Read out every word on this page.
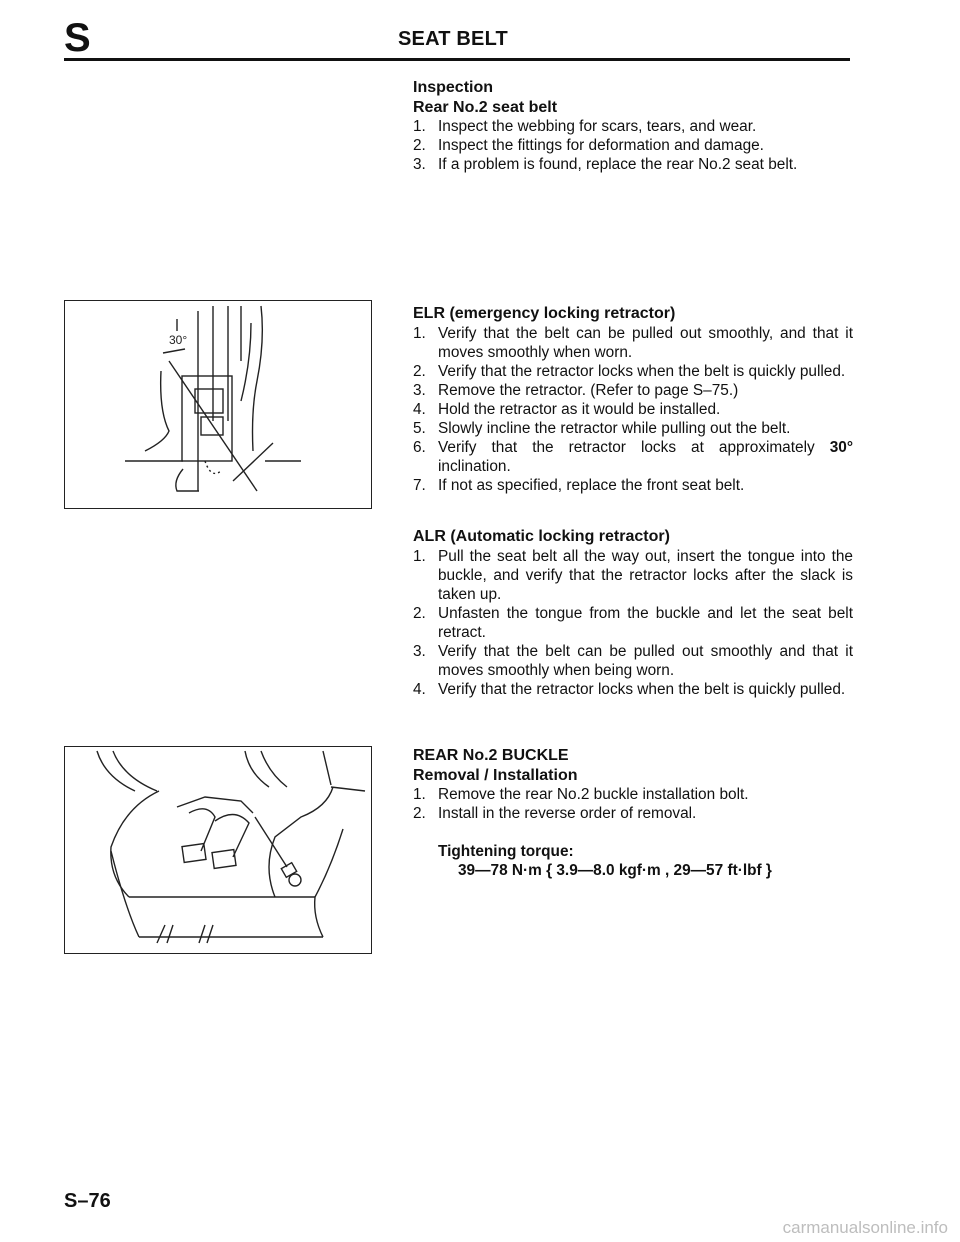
S	SEAT BELT
Inspection
Rear No.2 seat belt
1. Inspect the webbing for scars, tears, and wear.
2. Inspect the fittings for deformation and damage.
3. If a problem is found, replace the rear No.2 seat belt.
30°
ELR (emergency locking retractor)
1. Verify that the belt can be pulled out smoothly, and that it moves smoothly when worn.
2. Verify that the retractor locks when the belt is quickly pulled.
3. Remove the retractor. (Refer to page S–75.)
4. Hold the retractor as it would be installed.
5. Slowly incline the retractor while pulling out the belt.
6. Verify that the retractor locks at approximately 30° inclination.
7. If not as specified, replace the front seat belt.
ALR (Automatic locking retractor)
1. Pull the seat belt all the way out, insert the tongue into the buckle, and verify that the retractor locks after the slack is taken up.
2. Unfasten the tongue from the buckle and let the seat belt retract.
3. Verify that the belt can be pulled out smoothly and that it moves smoothly when being worn.
4. Verify that the retractor locks when the belt is quickly pulled.
REAR No.2 BUCKLE
Removal / Installation
1. Remove the rear No.2 buckle installation bolt.
2. Install in the reverse order of removal.
Tightening torque:
39—78 N·m { 3.9—8.0 kgf·m , 29—57 ft·lbf }
S–76
carmanualsonline.info
